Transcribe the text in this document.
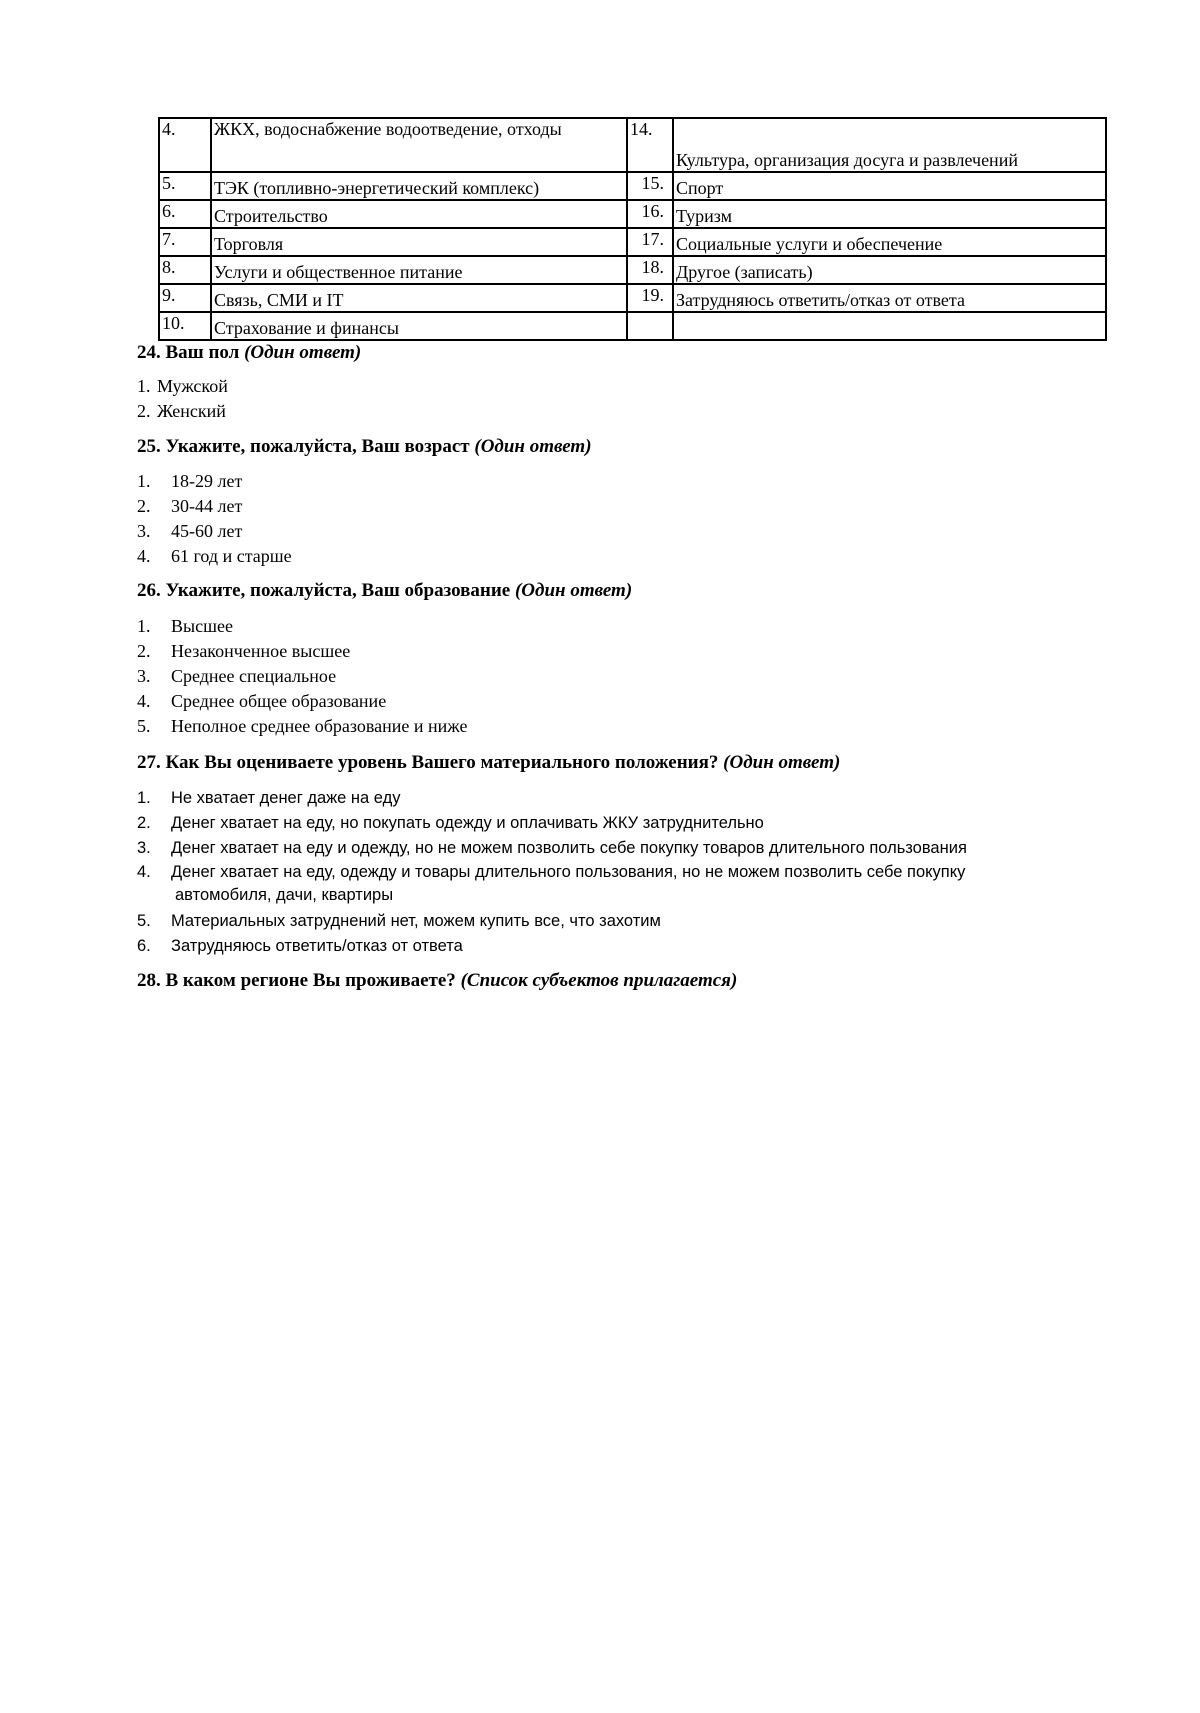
4.	ЖКХ, водоснабжение водоотведение, отходы	14.	Культура, организация досуга и развлечений
5.	ТЭК (топливно-энергетический комплекс)	15.	Спорт
6.	Строительство	16.	Туризм
7.	Торговля	17.	Социальные услуги и обеспечение
8.	Услуги и общественное питание	18.	Другое (записать)
9.	Связь, СМИ и IT	19.	Затрудняюсь ответить/отказ от ответа
10.	Страхование и финансы		
24. Ваш пол (Один ответ)
1. Мужской
2. Женский
25. Укажите, пожалуйста, Ваш возраст (Один ответ)
1. 18-29 лет
2. 30-44 лет
3. 45-60 лет
4. 61 год и старше
26. Укажите, пожалуйста, Ваш образование (Один ответ)
1. Высшее
2. Незаконченное высшее
3. Среднее специальное
4. Среднее общее образование
5. Неполное среднее образование и ниже
27. Как Вы оцениваете уровень Вашего материального положения? (Один ответ)
1. Не хватает денег даже на еду
2. Денег хватает на еду, но покупать одежду и оплачивать ЖКУ затруднительно
3. Денег хватает на еду и одежду, но не можем позволить себе покупку товаров длительного пользования
4. Денег хватает на еду, одежду и товары длительного пользования, но не можем позволить себе покупку
автомобиля, дачи, квартиры
5. Материальных затруднений нет, можем купить все, что захотим
6. Затрудняюсь ответить/отказ от ответа
28. В каком регионе Вы проживаете? (Список субъектов прилагается)
